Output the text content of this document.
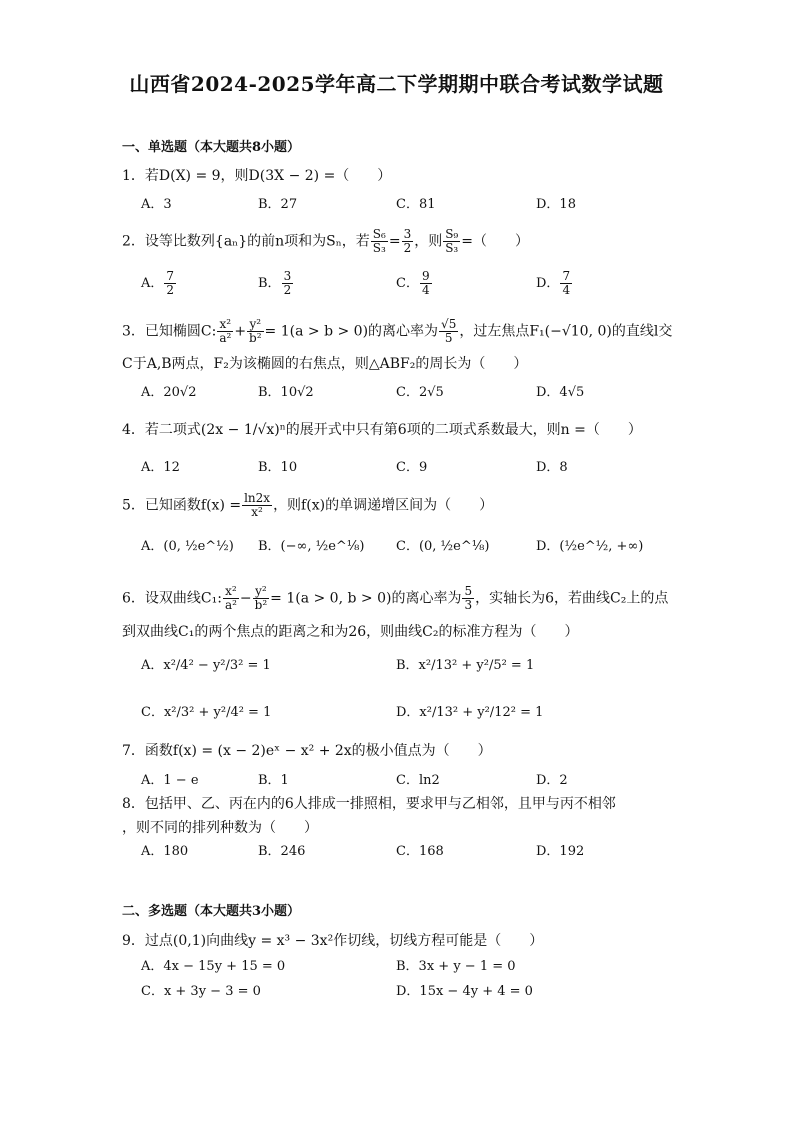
山西省2024-2025学年高二下学期期中联合考试数学试题
一、单选题（本大题共8小题）
1．若D(X) = 9，则D(3X − 2) =（　　）
A．3	B．27	C．81	D．18
2．设等比数列{aₙ}的前n项和为Sₙ，若 $\frac{\text{S₆}}{\text{S₃}} = \frac{3}{2}$ ，则 $\frac{\text{S₉}}{\text{S₃}}$ =（　　）
A． $\frac{7}{2}$	B． $\frac{3}{2}$	C． $\frac{9}{4}$	D． $\frac{7}{4}$
3．已知椭圆C: $\frac{\text{x²}}{\text{a²}} + \frac{\text{y²}}{\text{b²}} = 1(a > b > 0)$的离心率为 $\frac{√5}{5}$ ，过左焦点F₁(−√10, 0)的直线l交
C于A,B两点，F₂为该椭圆的右焦点，则△ABF₂的周长为（　　）
A．20√2	B．10√2	C．2√5	D．4√5
4．若二项式(2x − 1/√x)ⁿ的展开式中只有第6项的二项式系数最大，则n =（　　）
A．12	B．10	C．9	D．8
5．已知函数$f(x) = \frac{\ln 2x}{\text{x²}}$ ，则f(x)的单调递增区间为（　　）
A．(0, ½e^½) B．(−∞, ½e^⅛) C．(0, ½e^⅛)	D．(½e^½, +∞)
6．设双曲线C₁: $\frac{\text{x²}}{\text{a²}} - \frac{\text{y²}}{\text{b²}} = 1(a > 0$, b > 0)的离心率为 $\frac{5}{3}$ ，实轴长为6，若曲线C₂上的点
到双曲线C₁的两个焦点的距离之和为26，则曲线C₂的标准方程为（　　）
A．x²/4² − y²/3² = 1	B．x²/13² + y²/5² = 1
C．x²/3² + y²/4² = 1	D．x²/13² + y²/12² = 1
7．函数f(x) = (x − 2)eˣ − x² + 2x的极小值点为（　　）
A．1 − e	B．1	C．ln2	D．2
8．包括甲、乙、丙在内的6人排成一排照相，要求甲与乙相邻，且甲与丙不相邻
，则不同的排列种数为（　　）
A．180	B．246	C．168	D．192
二、多选题（本大题共3小题）
9．过点(0,1)向曲线y = x³ − 3x²作切线，切线方程可能是（　　）
A．4x − 15y + 15 = 0	B．3x + y − 1 = 0
C．x + 3y − 3 = 0	D．15x − 4y + 4 = 0
